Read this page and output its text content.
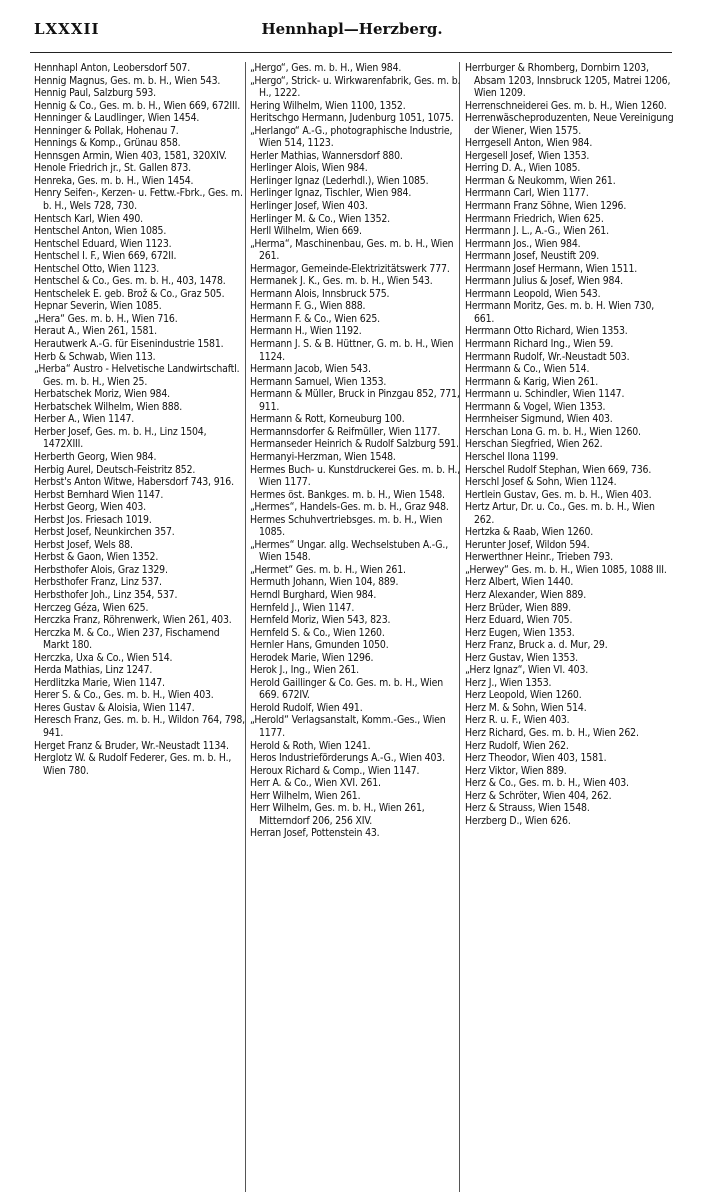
LXXXII	Hennhapl—Herzberg.
Hennhapl Anton, Leobersdorf 507.
Hennig Magnus, Ges. m. b. H., Wien 543.
Hennig Paul, Salzburg 593.
Hennig & Co., Ges. m. b. H., Wien 669, 672III.
Henninger & Laudlinger, Wien 1454.
Henninger & Pollak, Hohenau 7.
Hennings & Komp., Grünau 858.
Hennsgen Armin, Wien 403, 1581, 320XIV.
Henole Friedrich jr., St. Gallen 873.
Henreka, Ges. m. b. H., Wien 1454.
Henry Seifen-, Kerzen- u. Fettw.-Fbrk., Ges. m. b. H., Wels 728, 730.
Hentsch Karl, Wien 490.
Hentschel Anton, Wien 1085.
Hentschel Eduard, Wien 1123.
Hentschel I. F., Wien 669, 672II.
Hentschel Otto, Wien 1123.
Hentschel & Co., Ges. m. b. H., 403, 1478.
Hentschelek E. geb. Brož & Co., Graz 505.
Hepnar Severin, Wien 1085.
„Hera“ Ges. m. b. H., Wien 716.
Heraut A., Wien 261, 1581.
Herautwerk A.-G. für Eisenindustrie 1581.
Herb & Schwab, Wien 113.
„Herba“ Austro - Helvetische Landwirtschaftl. Ges. m. b. H., Wien 25.
Herbatschek Moriz, Wien 984.
Herbatschek Wilhelm, Wien 888.
Herber A., Wien 1147.
Herber Josef, Ges. m. b. H., Linz 1504, 1472XIII.
Herberth Georg, Wien 984.
Herbig Aurel, Deutsch-Feistritz 852.
Herbst's Anton Witwe, Habersdorf 743, 916.
Herbst Bernhard Wien 1147.
Herbst Georg, Wien 403.
Herbst Jos. Friesach 1019.
Herbst Josef, Neunkirchen 357.
Herbst Josef, Wels 88.
Herbst & Gaon, Wien 1352.
Herbsthofer Alois, Graz 1329.
Herbsthofer Franz, Linz 537.
Herbsthofer Joh., Linz 354, 537.
Herczeg Géza, Wien 625.
Herczka Franz, Röhrenwerk, Wien 261, 403.
Herczka M. & Co., Wien 237, Fischamend Markt 180.
Herczka, Uxa & Co., Wien 514.
Herda Mathias, Linz 1247.
Herdlitzka Marie, Wien 1147.
Herer S. & Co., Ges. m. b. H., Wien 403.
Heres Gustav & Aloisia, Wien 1147.
Heresch Franz, Ges. m. b. H., Wildon 764, 798, 941.
Herget Franz & Bruder, Wr.-Neustadt 1134.
Herglotz W. & Rudolf Federer, Ges. m. b. H., Wien 780.
„Hergo“, Ges. m. b. H., Wien 984.
„Hergo“, Strick- u. Wirkwarenfabrik, Ges. m. b. H., 1222.
Hering Wilhelm, Wien 1100, 1352.
Heritschgo Hermann, Judenburg 1051, 1075.
„Herlango“ A.-G., photographische Industrie, Wien 514, 1123.
Herler Mathias, Wannersdorf 880.
Herlinger Alois, Wien 984.
Herlinger Ignaz (Lederhdl.), Wien 1085.
Herlinger Ignaz, Tischler, Wien 984.
Herlinger Josef, Wien 403.
Herlinger M. & Co., Wien 1352.
Herll Wilhelm, Wien 669.
„Herma“, Maschinenbau, Ges. m. b. H., Wien 261.
Hermagor, Gemeinde-Elektrizitätswerk 777.
Hermanek J. K., Ges. m. b. H., Wien 543.
Hermann Alois, Innsbruck 575.
Hermann F. G., Wien 888.
Hermann F. & Co., Wien 625.
Hermann H., Wien 1192.
Hermann J. S. & B. Hüttner, G. m. b. H., Wien 1124.
Hermann Jacob, Wien 543.
Hermann Samuel, Wien 1353.
Hermann & Müller, Bruck in Pinzgau 852, 771, 911.
Hermann & Rott, Korneuburg 100.
Hermannsdorfer & Reifmüller, Wien 1177.
Hermanseder Heinrich & Rudolf Salzburg 591.
Hermanyi-Herzman, Wien 1548.
Hermes Buch- u. Kunstdruckerei Ges. m. b. H., Wien 1177.
Hermes öst. Bankges. m. b. H., Wien 1548.
„Hermes“, Handels-Ges. m. b. H., Graz 948.
Hermes Schuhvertriebsges. m. b. H., Wien 1085.
„Hermes“ Ungar. allg. Wechselstuben A.-G., Wien 1548.
„Hermet“ Ges. m. b. H., Wien 261.
Hermuth Johann, Wien 104, 889.
Herndl Burghard, Wien 984.
Hernfeld J., Wien 1147.
Hernfeld Moriz, Wien 543, 823.
Hernfeld S. & Co., Wien 1260.
Hernler Hans, Gmunden 1050.
Herodek Marie, Wien 1296.
Herok J., Ing., Wien 261.
Herold Gaillinger & Co. Ges. m. b. H., Wien 669. 672IV.
Herold Rudolf, Wien 491.
„Herold“ Verlagsanstalt, Komm.-Ges., Wien 1177.
Herold & Roth, Wien 1241.
Heros Industrieförderungs A.-G., Wien 403.
Heroux Richard & Comp., Wien 1147.
Herr A. & Co., Wien XVI. 261.
Herr Wilhelm, Wien 261.
Herr Wilhelm, Ges. m. b. H., Wien 261, Mitterndorf 206, 256 XIV.
Herran Josef, Pottenstein 43.
Herrburger & Rhomberg, Dornbirn 1203, Absam 1203, Innsbruck 1205, Matrei 1206, Wien 1209.
Herrenschneiderei Ges. m. b. H., Wien 1260.
Herrenwäscheproduzenten, Neue Vereinigung der Wiener, Wien 1575.
Herrgesell Anton, Wien 984.
Hergesell Josef, Wien 1353.
Herring D. A., Wien 1085.
Herrman & Neukomm, Wien 261.
Herrmann Carl, Wien 1177.
Herrmann Franz Söhne, Wien 1296.
Herrmann Friedrich, Wien 625.
Herrmann J. L., A.-G., Wien 261.
Herrmann Jos., Wien 984.
Herrmann Josef, Neustift 209.
Herrmann Josef Hermann, Wien 1511.
Herrmann Julius & Josef, Wien 984.
Herrmann Leopold, Wien 543.
Herrmann Moritz, Ges. m. b. H. Wien 730, 661.
Herrmann Otto Richard, Wien 1353.
Herrmann Richard Ing., Wien 59.
Herrmann Rudolf, Wr.-Neustadt 503.
Herrmann & Co., Wien 514.
Herrmann & Karig, Wien 261.
Herrmann u. Schindler, Wien 1147.
Herrmann & Vogel, Wien 1353.
Herrnheiser Sigmund, Wien 403.
Herschan Lona G. m. b. H., Wien 1260.
Herschan Siegfried, Wien 262.
Herschel Ilona 1199.
Herschel Rudolf Stephan, Wien 669, 736.
Herschl Josef & Sohn, Wien 1124.
Hertlein Gustav, Ges. m. b. H., Wien 403.
Hertz Artur, Dr. u. Co., Ges. m. b. H., Wien 262.
Hertzka & Raab, Wien 1260.
Herunter Josef, Wildon 594.
Herwerthner Heinr., Trieben 793.
„Herwey“ Ges. m. b. H., Wien 1085, 1088 III.
Herz Albert, Wien 1440.
Herz Alexander, Wien 889.
Herz Brüder, Wien 889.
Herz Eduard, Wien 705.
Herz Eugen, Wien 1353.
Herz Franz, Bruck a. d. Mur, 29.
Herz Gustav, Wien 1353.
„Herz Ignaz“, Wien VI. 403.
Herz J., Wien 1353.
Herz Leopold, Wien 1260.
Herz M. & Sohn, Wien 514.
Herz R. u. F., Wien 403.
Herz Richard, Ges. m. b. H., Wien 262.
Herz Rudolf, Wien 262.
Herz Theodor, Wien 403, 1581.
Herz Viktor, Wien 889.
Herz & Co., Ges. m. b. H., Wien 403.
Herz & Schröter, Wien 404, 262.
Herz & Strauss, Wien 1548.
Herzberg D., Wien 626.
